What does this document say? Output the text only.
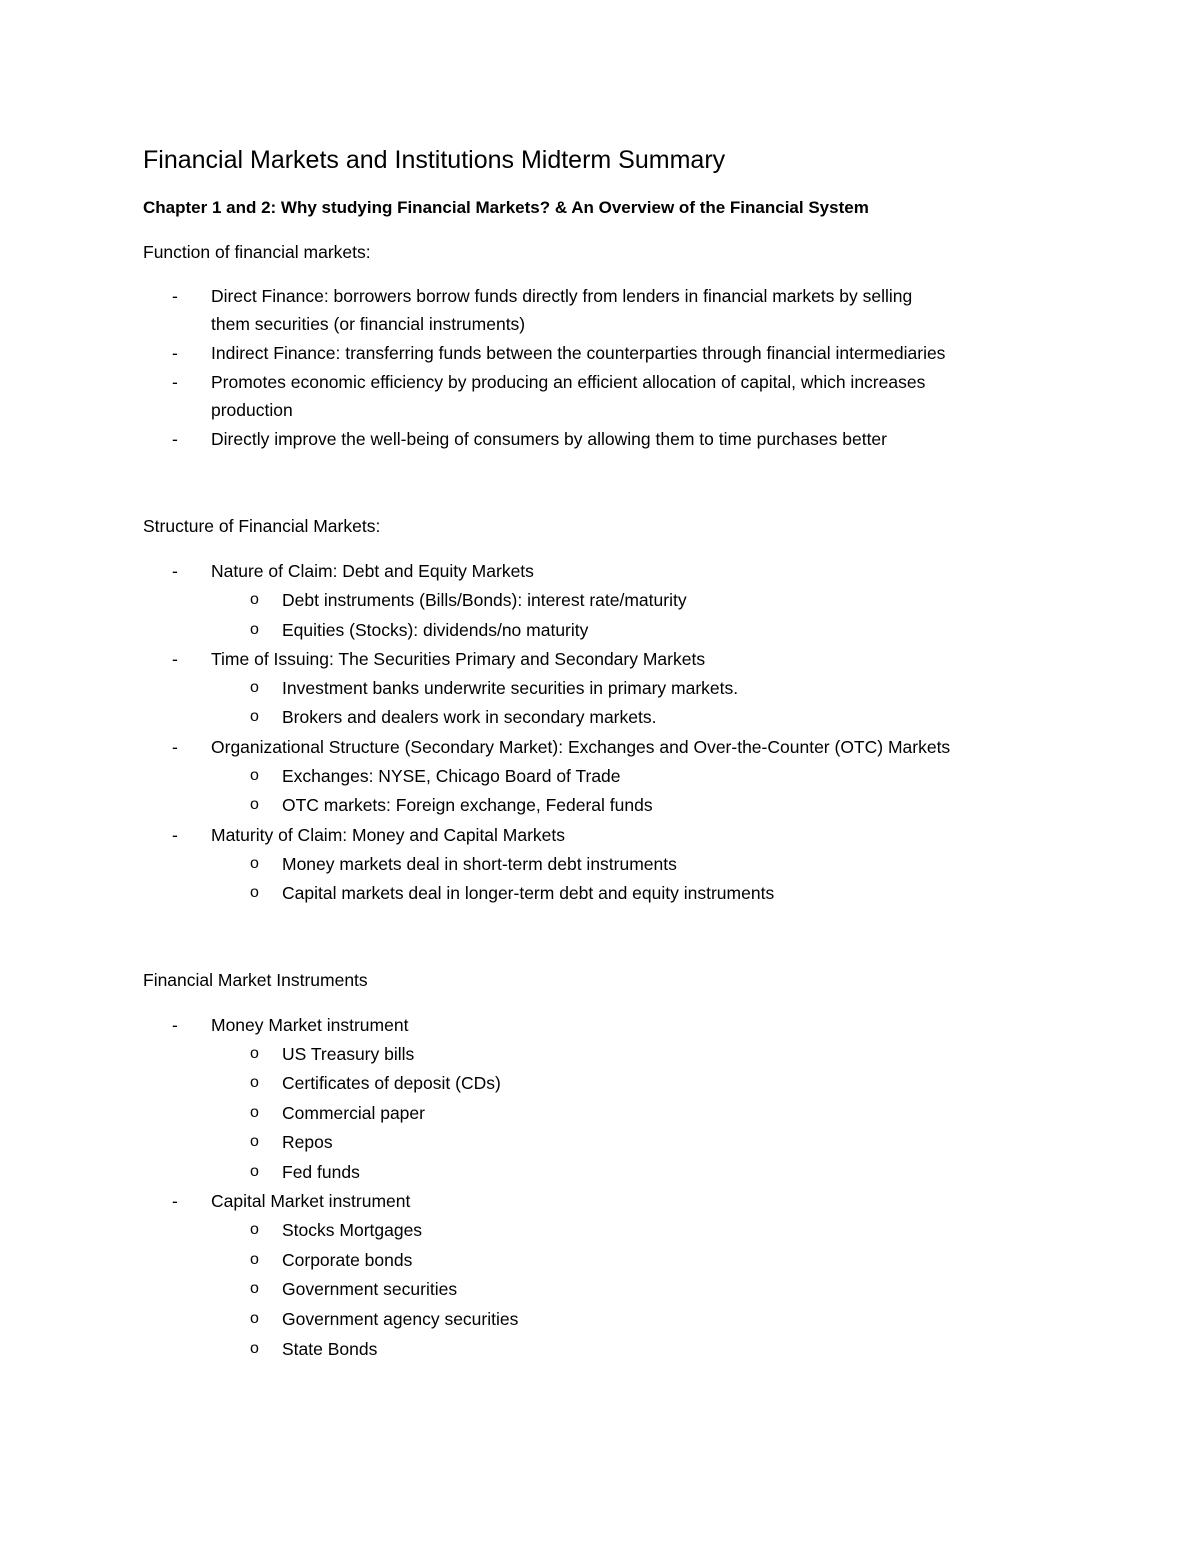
Financial Markets and Institutions Midterm Summary
Chapter 1 and 2: Why studying Financial Markets? & An Overview of the Financial System

Function of financial markets:

- Direct Finance: borrowers borrow funds directly from lenders in financial markets by selling
them securities (or financial instruments)
- Indirect Finance: transferring funds between the counterparties through financial intermediaries
- Promotes economic efficiency by producing an efficient allocation of capital, which increases
production
- Directly improve the well-being of consumers by allowing them to time purchases better

Structure of Financial Markets:

- Nature of Claim: Debt and Equity Markets
o Debt instruments (Bills/Bonds): interest rate/maturity
o Equities (Stocks): dividends/no maturity
- Time of Issuing: The Securities Primary and Secondary Markets
o Investment banks underwrite securities in primary markets.
o Brokers and dealers work in secondary markets.
- Organizational Structure (Secondary Market): Exchanges and Over-the-Counter (OTC) Markets
o Exchanges: NYSE, Chicago Board of Trade
o OTC markets: Foreign exchange, Federal funds
- Maturity of Claim: Money and Capital Markets
o Money markets deal in short-term debt instruments
o Capital markets deal in longer-term debt and equity instruments

Financial Market Instruments

- Money Market instrument
o US Treasury bills
o Certificates of deposit (CDs)
o Commercial paper
o Repos
o Fed funds
- Capital Market instrument
o Stocks Mortgages
o Corporate bonds
o Government securities
o Government agency securities
o State Bonds
